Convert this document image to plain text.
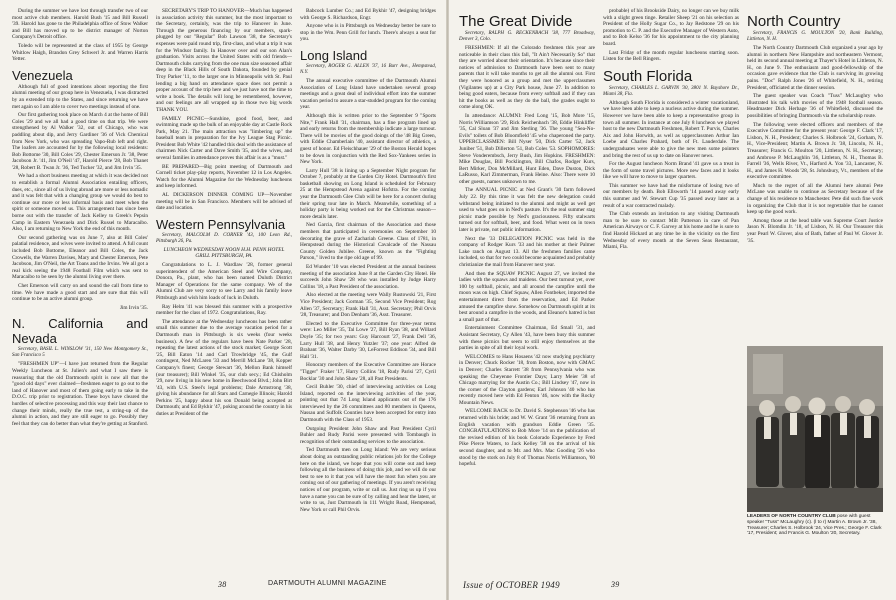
During the summer we have lost through transfer two of our most active club members. Harold Bush '15 and Bill Russell '39. Harold has gone to the Philadelphia office of Stow Walker and Bill has moved up to be district manager of Norton Company's Detroit office.

Toledo will be represented at the class of 1955 by George Whitlow Haigh, Brandon Grey Schwerl Jr. and Warren Harris Yetter.

Venezuela

Although full of good intentions about reporting the first alumni meeting of our group here in Venezuela, I was distracted by an extended trip to the States, and since returning we have met again so I am able to cover two meetings instead of one.

Our first gathering took place on March 4 at the home of Bill Coles '29 and we all had a good time on that trip. We were strengthened by Al Walker '32, out of Chicago, who was paddling about dip, and Jerry Gardiner '36 of Vick Chemical from New York, who was spreading Vapo-Rub left and right. The loafers are accounted for by the following local residents: Bob Bottome '30, Bill Coles '29, Chester Emerson Jr. '38, Peter Jacobson Jr. '41, Jim O'Neil '47, Harold Pierce '28, Bob Thanet '28, Robert B. Twan Jr. '36, Ted Tucker '32, and Jim Irvin '35.

We had a short business meeting at which it was decided not to establish a formal Alumni Association entailing officers, dues, etc., since all of us living abroad are more or less nomadic and it was felt that with a changing group we would do best to continue our more or less informal basis and meet when the spirit or someone moved us. This arrangement has since been borne out with the transfer of Jack Kelley to Greek's Pepsin Camp in Eastern Venezuela and Dick Russel to Maracaibo. Also, I am returning to New York the end of this month.

Our second gathering was on June 7, also at Bill Coles' palatial residence, and wives were invited to attend. A full count included Bob Bottome, Eleanor and Bill Coles, the Jack Crowells, the Warren Davises, Mary and Chester Emerson, Pete Jacobson, Jim O'Neil, the Art Toans and the Irvins. We all got a real kick seeing the 1948 Football Film which was sent to Maracaibo to be seen by the alumni living over there.

Chet Emerson will carry on and sound the call from time to time. We have made a good start and are sure that this will continue to be an active alumni group.

Jim Irvin '35.

N. California and Nevada

Secretary, BASIL L. WINSLOW '31, 150 New Montgomery St., San Francisco 5

"FRESHMEN UP"—I have just returned from the Regular Weekly Luncheon at St. Julien's and what I saw there is reassuring that the old Dartmouth spirit is now all that the "good old days" ever claimed—freshmen eager to go out to the land of Hanover and most of them going early to take in the D.O.C. trip prior to registration. These boys have cleared the hurdles of selective processing and this way their last chance to change their minds, really the true test, a string-up of the alumni in action, and they are still eager to go. Possibly they feel that they can do better than what they're getting at Stanford.

SECRETARY'S TRIP TO HANOVER—Much has happened in association activity this summer, but the most important to the Secretary, certainly, was the trip to Hanover in June. Through the generous financing by our members, spark-plugged by our "Regular" Bob Lawson '38, the Secretary's expenses were paid round trip, first-class, and what a trip it was for the Windsor family. In Hanover over and our son Alan's graduation. Visits across the United States with old friends—Dartmouth clubs carrying from the one man size seasoned affair deep in the Black Hills of South Dakota, founded by genial Troy Parker '11, to the larger one in Minneapolis with St. Paul lending a big hand on attendance space does not permit a proper account of the trip here and we just have not the time to write a book. The details will long be remembered, however, and our feelings are all wrapped up in those two big words THANK YOU.

FAMILY PICNIC—Sunshine, good food, beer, and swimming made up the bulk of an enjoyable day at Castle Rock Park, May 21. The main attraction was "limbering up" the baseball team in preparation for the Ivy League Stag Picnic. President Bob White '42 handled this deal with the assistance of chairmen Nick Carter and Dave Smith '35, and the wives, and several families in attendance proves this affair is as a "must."

BE PREPARED—Big point meeting of Dartmouth and Cornell ticket play-play reports, November 12 in Los Angeles. Watch for the Alumni Magazine for the Wednesday luncheons and keep informed.

AL DICKERSON DINNER COMING UP—November meeting will be in San Francisco. Members will be advised of date and location.

Western Pennsylvania

Secretary, MALCOLM D. CORNER '43, 100 Leon Rd., Pittsburgh 26, Pa.

LUNCHEON WEDNESDAY NOON H.H. PENN HOTEL GRILL PITTSBURGH, PA.

Congratulations to L. J. Wardlaw '28, former general superintendent of the American Steel and Wire Company, Donora, Pa., plant, who has been named Duluth District Manager of Operations for the same company. We of the Alumni Club are very sorry to see Larry and his family leave Pittsburgh and wish him loads of luck in Duluth.

Ray Helm '41 was blessed this summer with a prospective member for the class of 1972. Congratulations, Ray.

The attendance at the Wednesday luncheons has been rather small this summer due to the average vacation period for a Dartmouth man in Pittsburgh is six weeks (four weeks business). A few of the regulars have been Nate Parker '28, repeating the latest actions of the stock market; George Scott '25, Bill Eaton '14 and Carl Trowbridge '45, the Gulf contingent, Ned McLaren '33 and Merrill McLane '38, Kopper Company's finest; George Stewart '36, Mellon Bank himself (our treasurer); Bill Winkel '35, our club secy.; Ed Chisholm '29, now living in his new home in Beechwood Blvd.; John Birt '43, with U.S. Steel's legal problems; Dale Armstrong '38, giving his abundance for all Stars and Carnegie Illinois; Harold Perkins '25, happy about his son Donald being accepted at Dartmouth; and Ed Bykhir '47, poking around the country in his duties at President of the

Babcock Lumber Co.; and Ed Bykhir '47, designing bridges with George S. Richardson, Engr.

Anyone who is in Pittsburgh on Wednesday better be sure to stop in the Wm. Penn Grill for lunch. There's always a seat for you.

Long Island

Secretary, ROGER G. ALLEN '37, 16 Burr Ave., Hempstead, N.Y.

The annual executive committee of the Dartmouth Alumni Association of Long Island have undertaken several group meetings and a great deal of individual effort into the summer vacation period to assure a star-studded program for the coming year.

Although this is written prior to the September 9 "Sports Nite," Frank Hall '31, chairman, has a fine program lined up and early returns from the membership indicate a large turnout. There will be movies of the good doings of the '48 Big Green, with Eddie Chamberlain '40, assistant director of athletics, a guest of honor. Ed Fleischhauer '29 of the Boston Herald hopes to be down in conjunction with the Red Sox-Yankees series in New York.

Larry Hull '38 is lining up a September Night program for October 7, probably at the Garden City Hotel. Dartmouth's first basketball showing on Long Island is scheduled for February 25 at the Hempstead Arena against Hofstra. For the coming year the Dartmouth Glee Club will be here for a concert during their spring tour late in March. Meanwhile, something of a holiday party is being worked out for the Christmas season—more details later.

Ned Garcia, first chairman of the Association and those members that participated in ceremonies on September 10 decorating the grave of Zachariah Greene. Class of 1781, in Hempstead during the Historical Cavalcade of the Nassau County Golden Jubilee. Greene, known as the "Fighting Parson," lived to the ripe old age of 99.

Ed Wunder '10 was elected President at the annual business meeting of the association June 8 at the Garden City Hotel. He succeeds John Shaw '28 who was installed by Judge Harry Collins '18, a Past President of the association.

Also elected at the meeting were Wally Rustowski '21, First Vice President; Jack Gorman '35, Second Vice President; Rog Allen '37, Secretary; Frank Hall '31, Asst. Secretary; Phil Orvis '28, Treasurer; and Don Denham '36, Asst. Treasurer.

Elected to the Executive Committee for three-year terms were: Leo Miller '35, Tal Lowe '27, Bill Ryan '38, and Willard Doyle '35; for two years: Guy Harcourt '27, Frank Dell '36, Larry Hull '38, and Henry Yutzler '37; one year: Alfred de Brabant '36, Walter Darby '30, LeForrest Eddison '34, and Bill Hall '31.

Honorary members of the Executive Committee are Horace "Tigger" Fraker '17, Harry Collins '18, Rudy Parisi '27, Cyril Bocklar '30 and John Shaw '28, all Past Presidents.

Cecil Buhler '30, chief of interviewing activities on Long Island, reported on the interviewing activities of the year, pointing out that 74 Long Island applicants out of the 176 interviewed by the 26 committees and 80 members in Queens, Nassau and Suffolk Counties have been accepted for entry into Dartmouth with the Class of 1953.

Outgoing President John Shaw and Past President Cyril Buhler and Rudy Parisi were presented with Tombaugh in recognition of their outstanding services to the association.

Ted Dartmouth men on Long Island: We are very serious about doing an outstanding public relations job for the College here on the island, we hope that you will come out and keep following all the business of doing this job, and we will do our best to see to it that you will have the most fun when you are coming out of our gathering of meetings. If you aren't receiving notices of our program, write or call us. Just ring us up if you have a name you can be sure of by calling and hear the latest, or write to us, Just Dartmouth in 111 Wright Road, Hempstead, New York or call Phil Orvis.

38	DARTMOUTH ALUMNI MAGAZINE
The Great Divide

Secretary, RALPH G. RECKENBACH '38, 777 Broadway, Denver 3, Colo.

FRESHMEN: If all the Colorado freshmen this year are noticeable in their class this fall, "It Ain't Necessarily So" that they are worried about their orientation. It's because since their notices of admission to Dartmouth have been sent to many parents that it will take months to get all the alumni out. First they were honored as a group and met the upperclassmen (Vigilantes up) at a City Park house, June 27. In addition to being good eaters, because from every softball and if they can hit the books as well as they do the ball, the grades ought to come along OK.

In attendance: ALUMNI: Fred Long '15, Bob More '15, Norris Williamson '29, Rick Reichenbach '38, Eddie Hinkliffer '35, Cal Sloan '37 and Jim Sterling '36. The young "Sea-No-Evils" toilets of Bob Bloomfield '45 who chaperoned the party. UPPERCLASSMEN: Bill Nyser '50, Dick Carter '52, Jack Juniber '51, Bob Dillerton '51, Bob Coles '53. SOPHOMORES: Steve Vonderembsch, Jerry Bush, Jim Hopkins. FRESHMEN: Mike Douglas, Bill Pocklington, Bill Chafos, Rodger Kurs, Bert Mirker, Don McMillard, Hunt Eden, Dave Duston, Dick LaRusso, Karl Zimmerman, Frank Heine. Also: There were 10 other guests, names unknown to me.

The ANNUAL PICNIC at Ned Grant's '30 farm followed July 22. By this time it was felt the new delegation could withstand being initiated to the alumni and might as well get used to what goes on in Ned's pasture. It's the real summer stag picnic made possible by Ned's graciousness. Fifty stalwarts turned out for softball, beer, and food. What went on in town later is private, not public information.

Next the '33 DELEGATION PICNIC was held in the company of Rodger Kurs '33 and his mother at their Palmer Lake ranch on August 13. All the freshmen families came included, so that for two could become acquainted and probably christianize the mail from Hanover next year.

And then the SQUAW PICNIC August 27, we invited the ladies with the squaws and maidens. Our best turnout yet, over 100 by softball, picnic, and all around the campfire until the moon was on high. Chief Squaw, Allen Fontbeker, imported the entertainment direct from the reservation, and Ed Parker amused the campfire show. Somehow on Dartmouth spirit at its best around a campfire in the woods, and Eleanor's hatred is but a small part of that.

Entertainment Committee Chairman, Ed Small '31, and Assistant Secretary, Cy Allen '43, have been busy this summer with these picnics but seem to still enjoy themselves at the parties in spite of all their loyal work.

WELCOMES to Hans Hosaens '42 now studying psychiatry in Denver; Chuck Rocker '18, from Boston, now with GMAC in Denver; Charles Starrett '38 from Pennsylvania who was speaking the Cheyenne Frontier Days; Larry Meier '38 of Chicago marrying for the Austin Co.; Bill Lindsey '47, now in the corner of the Clayton gardens; Earl Johnson '40 who has recently moved here with Ed Fenton '46, now with the Rocky Mountain News.

WELCOME BACK to Dr. David S. Stephenson '46 who has returned with his bride; and W. W. Grant '36 returning from an English vacation with grandson Eddie Green '35. CONGRATULATIONS to Bob More '14 on the publication of the revised edition of his book Colorado Experience by Fred Pike Pierce Waters, to Jack Kelley '38 on the arrival of his second daughter, and to Mr. and Mrs. Mac Gooding '26 who stood by the stork on July 8 of Thomas Norris Williamson, '60 hopeful.

probable) of his Brookside Dairy, no longer can we buy milk with a slight green tinge. Retailer Sheep '21 on his selection as President of the Holly Sugar Co., to Jay Redstone '29 on his promotion to C. P. and the Executive Manager of Western Auto, and to Bob Kelso '36 for his appointment to the city planning board.

Last Friday of the month regular luncheons starting soon. Listen for the Bell Ringers.

South Florida

Secretary, CHARLES L. GARVIN '30, 3801 N. Bayshore Dr., Miami 38, Fla.

Although South Florida is considered a winter vacationland, we have been able to keep a nucleus active during the summer. However we have been able to keep a representative group in town all summer. In instance at one July 8 luncheon we played host to the new Dartmouth Freshmen, Robert T. Purvis, Charles Aix and John Horwith, as well as upperclassmen Arthur Ian Loebe and Charles Prahard, both of Ft. Lauderdale. The undergraduates were able to give the new men some pointers and bring the rest of us up to date on Hanover news.

For the August luncheon Norm Brand '41 gave us a treat in the form of some travel pictures. More new faces and it looks like we will have to move to larger quarters.

This summer we have had the misfortune of losing two of our members by death. Bob Ellsworth '14 passed away early this summer and W. Stewart Cup '35 passed away later as a result of a war contracted malady.

The Club extends an invitation to any visiting Dartmouth man to be sure to contact Milt Patterson in care of Pan American Airways or C. F. Garvey at his home and he is sure to find Harold Hickard at any time be in the vicinity on the first Wednesday of every month at the Seven Seas Restaurant, Miami, Fla.

North Country

Secretary, FRANCIS G. MOULTON '20, Bank Building, Littleton, N. H.

The North Country Dartmouth Club organized a year ago by alumni in northern New Hampshire and northeastern Vermont, held its second annual meeting at Thayer's Hotel in Littleton, N. H., on June 9. The enthusiasm and good-fellowship of the occasion gave evidence that the Club is surviving its growing pains. "Doc" Ralph Jones '26 of Whitefield, N. H., retiring President, officiated at the dinner session.

The guest speaker was Coach "Tuss" McLaughry who illustrated his talk with movies of the 1948 football season. Headmaster Dick Herbage '36 of Whitefield, discussed the possibilities of bringing Dartmouth via the scholarship route.

The following were elected officers and members of the Executive Committee for the present year: George F. Clark '17, Lisbon, N. H., President; Charles S. Holbrook '24, Gorham, N. H., Vice-President; Martin A. Brown Jr. '38, Lincoln, N. H., Treasurer; Francis G. Moulton '20, Littleton, N. H., Secretary; and Ambrose P. McLaughlin '36, Littleton, N. H., Thomas B. Farrell '36, Wells River, Vt., Harford A. Yon '33, Lancaster, N. H., and James H. Woods '28, St. Johnsbury, Vt., members of the executive committee.

Much to the regret of all the Alumni here alumni Pete McLane was unable to continue as Secretary because of the change of his residence to Manchester. Pete did such fine work in organizing the Club that it is not regrettable that he cannot keep up the good work.

Among those at the head table was Supreme Court Justice Jason N. Blomdin Jr. '18, of Lisbon, N. H. Our Treasurer this year Pearl W. Glover, also of Bath, father of Paul W. Glover Jr. '35.

LEADERS OF NORTH COUNTRY CLUB pose with guest speaker "Tuss" McLaughry (c). (l to r) Martin A. Brown Jr. '38, Treasurer; Charles S. Holbrook '24, Vice Pres.; George F. Clark '17, President; and Francis G. Moulton '20, Secretary.
Issue of OCTOBER 1949	39
